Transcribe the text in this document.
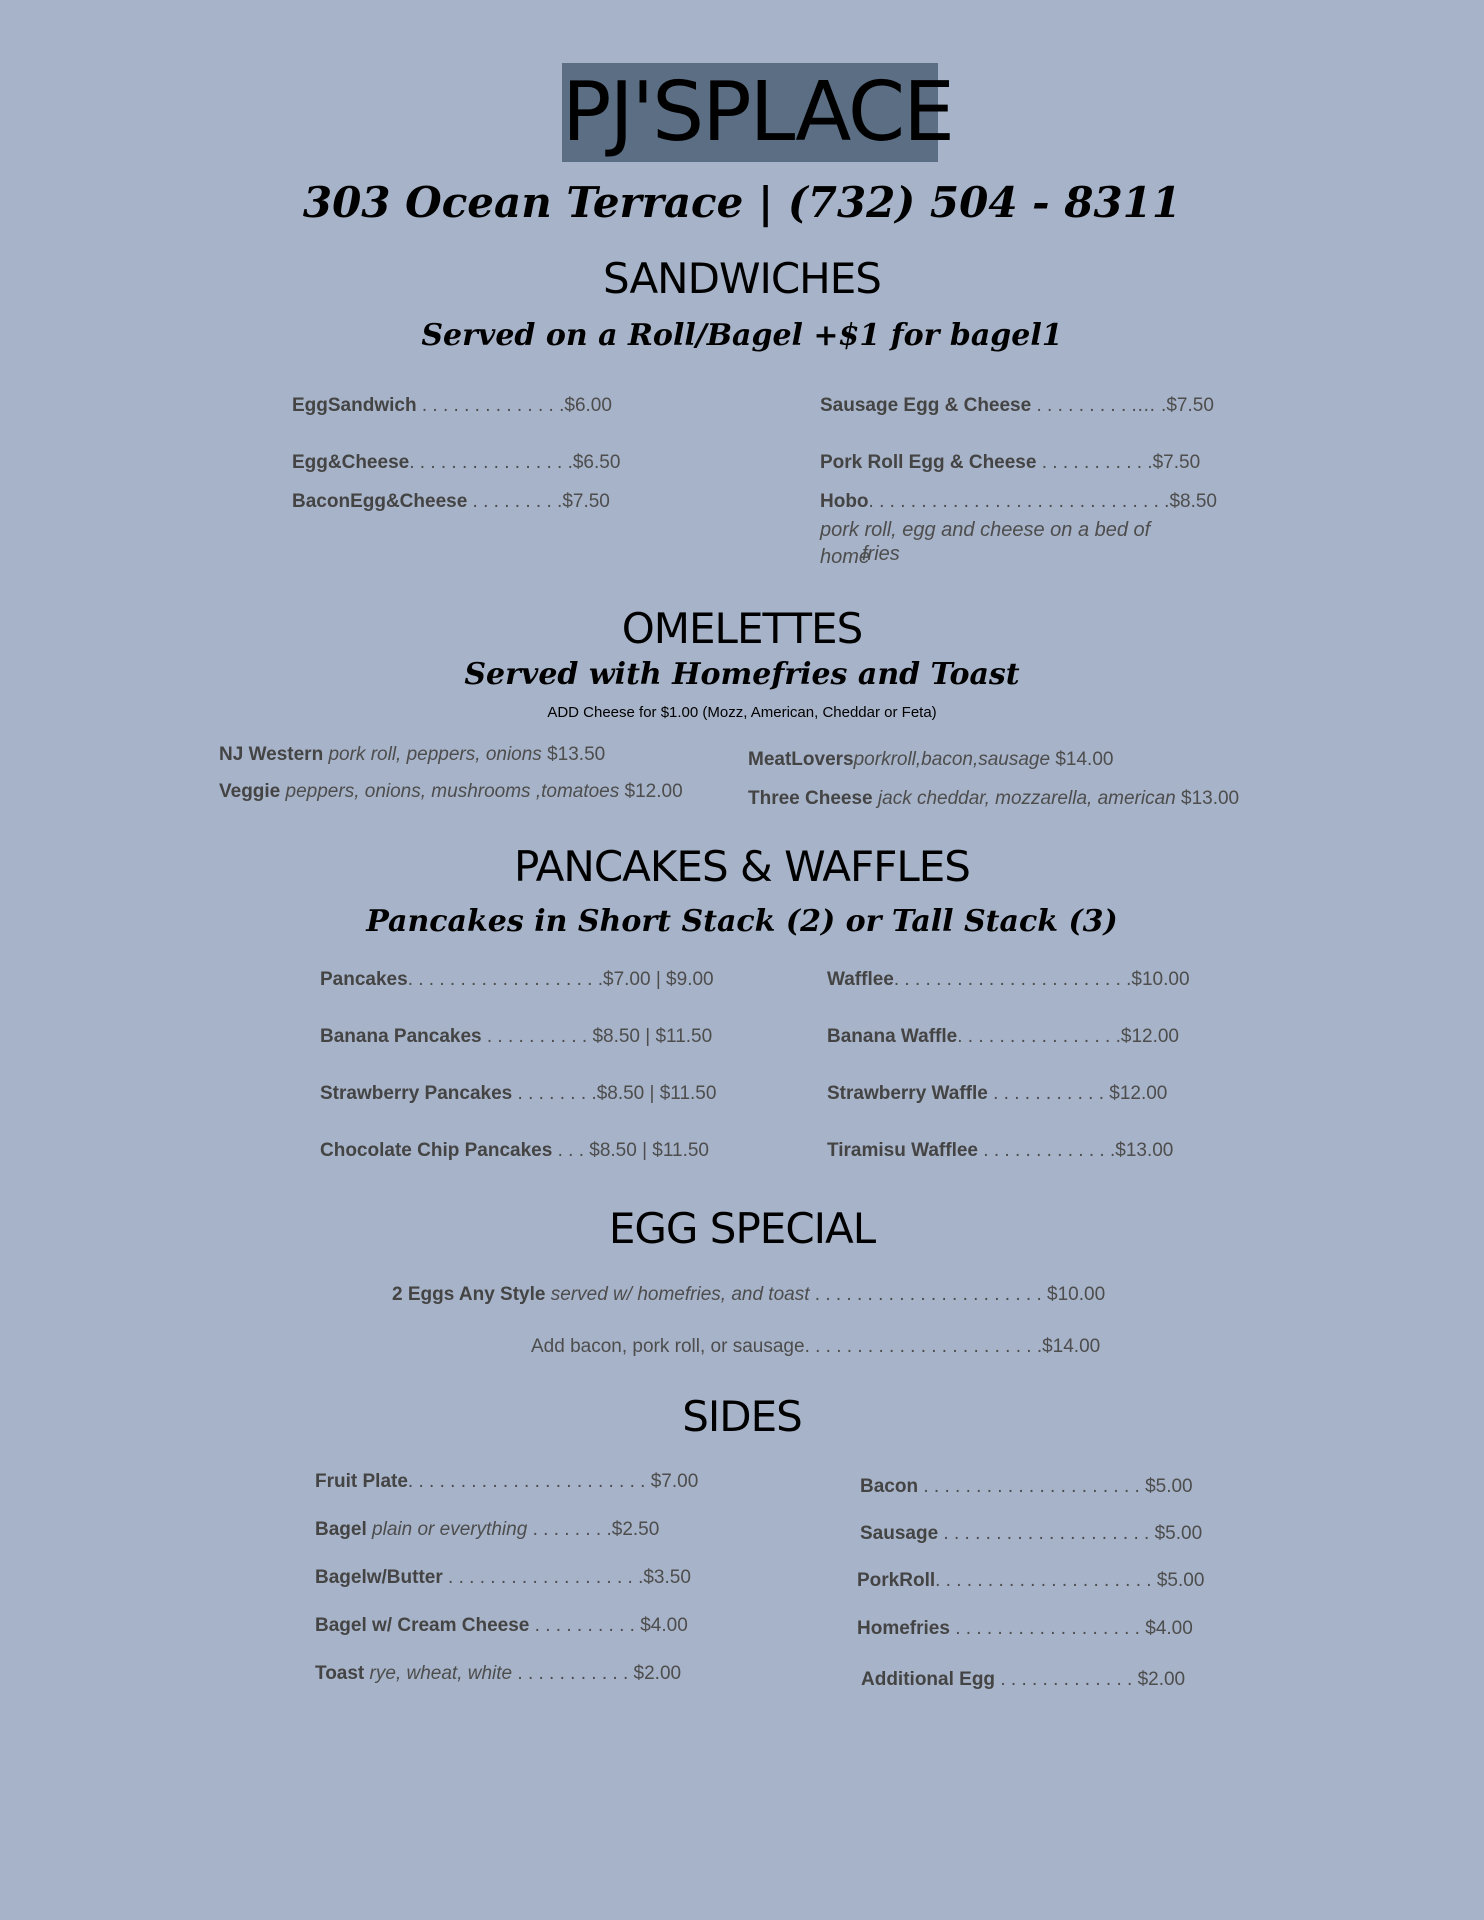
PJ'SPLACE
303 Ocean Terrace | (732) 504 - 8311
SANDWICHES
Served on a Roll/Bagel +$1 for bagel1
EggSandwich . . . . . . . . . . . . . .$6.00
Egg&Cheese. . . . . . . . . . . . . . . .$6.50
BaconEgg&Cheese . . . . . . . . .$7.50
Sausage Egg & Cheese . . . . . . . . . .… .$7.50
Pork Roll Egg & Cheese . . . . . . . . . . .$7.50
Hobo. . . . . . . . . . . . . . . . . . . . . . . . . . . . .$8.50
pork roll, egg and cheese on a bed of
home
fries
OMELETTES
Served with Homefries and Toast
ADD Cheese for $1.00 (Mozz, American, Cheddar or Feta)
NJ Western pork roll, peppers, onions $13.50
Veggie peppers, onions, mushrooms ,tomatoes $12.00
MeatLoversporkroll,bacon,sausage $14.00
Three Cheese jack cheddar, mozzarella, american $13.00
PANCAKES & WAFFLES
Pancakes in Short Stack (2) or Tall Stack (3)
Pancakes. . . . . . . . . . . . . . . . . . .$7.00 | $9.00
Banana Pancakes . . . . . . . . . . $8.50 | $11.50
Strawberry Pancakes . . . . . . . .$8.50 | $11.50
Chocolate Chip Pancakes . . . $8.50 | $11.50
Wafflee. . . . . . . . . . . . . . . . . . . . . . .$10.00
Banana Waffle. . . . . . . . . . . . . . . .$12.00
Strawberry Waffle . . . . . . . . . . . $12.00
Tiramisu Wafflee . . . . . . . . . . . . .$13.00
EGG SPECIAL
2 Eggs Any Style served w/ homefries, and toast . . . . . . . . . . . . . . . . . . . . . . $10.00
Add bacon, pork roll, or sausage. . . . . . . . . . . . . . . . . . . . . . .$14.00
SIDES
Fruit Plate. . . . . . . . . . . . . . . . . . . . . . . $7.00
Bagel plain or everything . . . . . . . .$2.50
Bagelw/Butter . . . . . . . . . . . . . . . . . . .$3.50
Bagel w/ Cream Cheese . . . . . . . . . . $4.00
Toast rye, wheat, white . . . . . . . . . . . $2.00
Bacon . . . . . . . . . . . . . . . . . . . . . $5.00
Sausage . . . . . . . . . . . . . . . . . . . . $5.00
PorkRoll. . . . . . . . . . . . . . . . . . . . . $5.00
Homefries . . . . . . . . . . . . . . . . . . $4.00
Additional Egg . . . . . . . . . . . . . $2.00
